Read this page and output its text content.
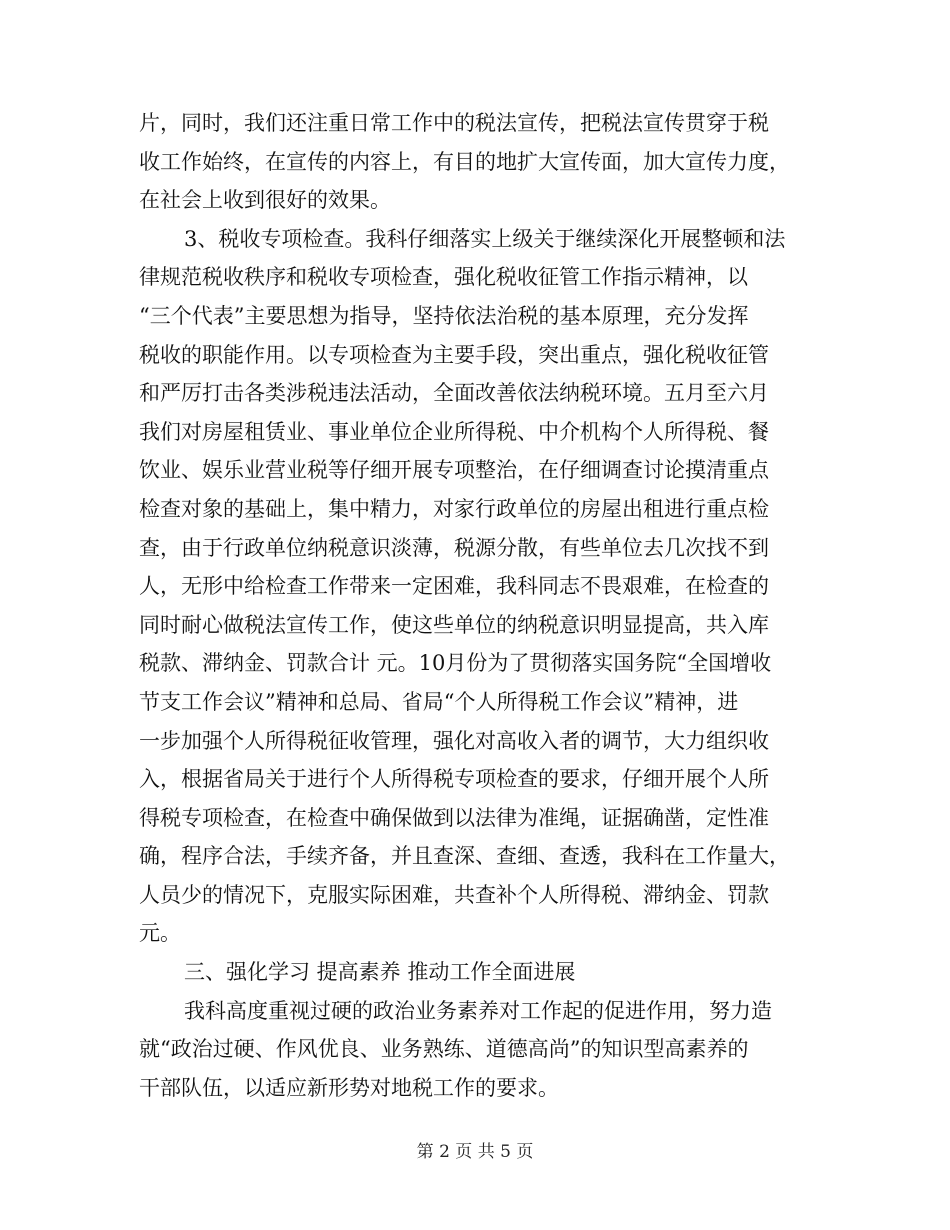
片，同时，我们还注重日常工作中的税法宣传，把税法宣传贯穿于税
收工作始终，在宣传的内容上，有目的地扩大宣传面，加大宣传力度，
在社会上收到很好的效果。
3、税收专项检查。我科仔细落实上级关于继续深化开展整顿和法
律规范税收秩序和税收专项检查，强化税收征管工作指示精神，以
“三个代表”主要思想为指导，坚持依法治税的基本原理，充分发挥
税收的职能作用。以专项检查为主要手段，突出重点，强化税收征管
和严厉打击各类涉税违法活动，全面改善依法纳税环境。五月至六月
我们对房屋租赁业、事业单位企业所得税、中介机构个人所得税、餐
饮业、娱乐业营业税等仔细开展专项整治，在仔细调查讨论摸清重点
检查对象的基础上，集中精力，对家行政单位的房屋出租进行重点检
查，由于行政单位纳税意识淡薄，税源分散，有些单位去几次找不到
人，无形中给检查工作带来一定困难，我科同志不畏艰难，在检查的
同时耐心做税法宣传工作，使这些单位的纳税意识明显提高，共入库
税款、滞纳金、罚款合计 元。10月份为了贯彻落实国务院“全国增收
节支工作会议”精神和总局、省局“个人所得税工作会议”精神，进
一步加强个人所得税征收管理，强化对高收入者的调节，大力组织收
入，根据省局关于进行个人所得税专项检查的要求，仔细开展个人所
得税专项检查，在检查中确保做到以法律为准绳，证据确凿，定性准
确，程序合法，手续齐备，并且查深、查细、查透，我科在工作量大，
人员少的情况下，克服实际困难，共查补个人所得税、滞纳金、罚款
元。
三、强化学习 提高素养 推动工作全面进展
我科高度重视过硬的政治业务素养对工作起的促进作用，努力造
就“政治过硬、作风优良、业务熟练、道德高尚”的知识型高素养的
干部队伍，以适应新形势对地税工作的要求。
第 2 页 共 5 页
